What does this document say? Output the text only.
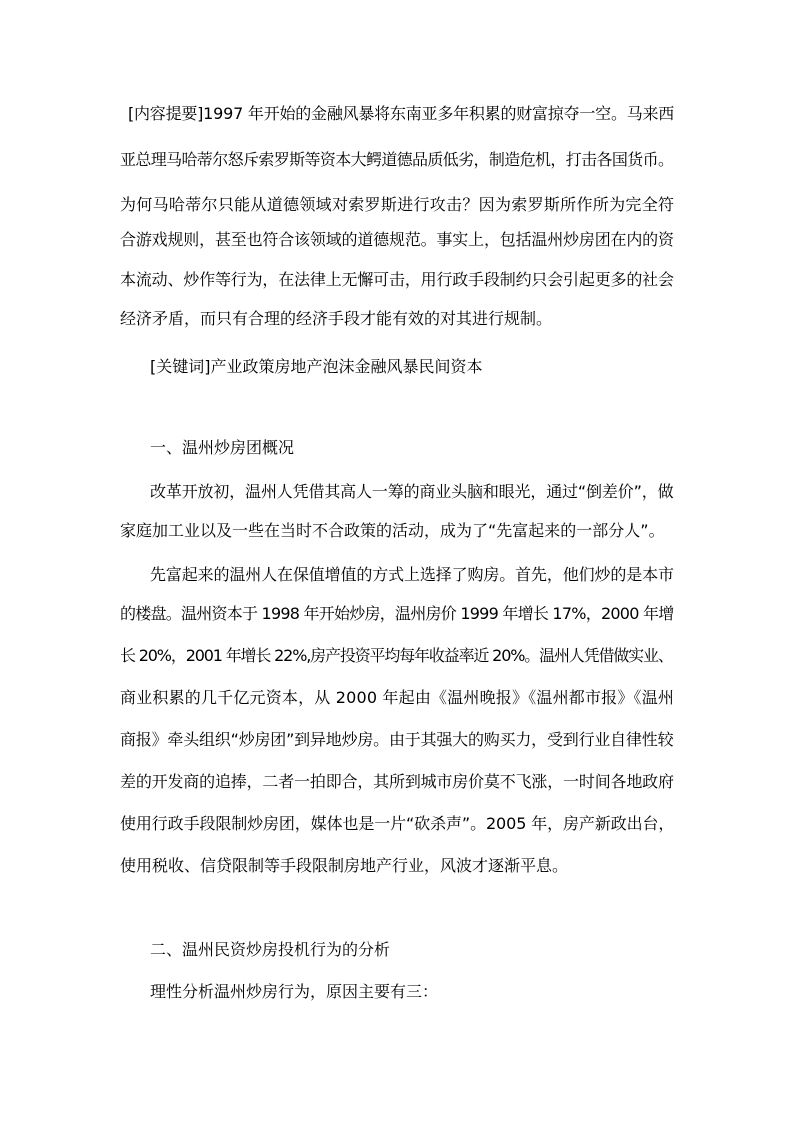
[内容提要]1997 年开始的金融风暴将东南亚多年积累的财富掠夺一空。马来西
亚总理马哈蒂尔怒斥索罗斯等资本大鳄道德品质低劣，制造危机，打击各国货币。
为何马哈蒂尔只能从道德领域对索罗斯进行攻击？因为索罗斯所作所为完全符
合游戏规则，甚至也符合该领域的道德规范。事实上，包括温州炒房团在内的资
本流动、炒作等行为，在法律上无懈可击，用行政手段制约只会引起更多的社会
经济矛盾，而只有合理的经济手段才能有效的对其进行规制。
[关键词]产业政策房地产泡沫金融风暴民间资本
一、温州炒房团概况
改革开放初，温州人凭借其高人一筹的商业头脑和眼光，通过“倒差价”，做
家庭加工业以及一些在当时不合政策的活动，成为了“先富起来的一部分人”。
先富起来的温州人在保值增值的方式上选择了购房。首先，他们炒的是本市
的楼盘。温州资本于 1998 年开始炒房，温州房价 1999 年增长 17%，2000 年增
长 20%，2001 年增长 22%,房产投资平均每年收益率近 20%。温州人凭借做实业、
商业积累的几千亿元资本，从 2000 年起由《温州晚报》《温州都市报》《温州
商报》牵头组织“炒房团”到异地炒房。由于其强大的购买力，受到行业自律性较
差的开发商的追捧，二者一拍即合，其所到城市房价莫不飞涨，一时间各地政府
使用行政手段限制炒房团，媒体也是一片“砍杀声”。2005 年，房产新政出台，
使用税收、信贷限制等手段限制房地产行业，风波才逐渐平息。
二、温州民资炒房投机行为的分析
理性分析温州炒房行为，原因主要有三：
